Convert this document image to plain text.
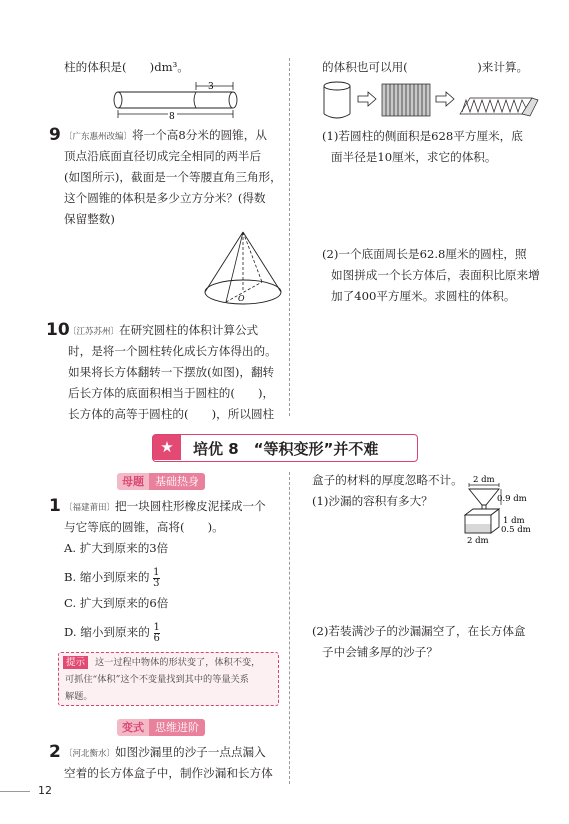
柱的体积是(　　)dm³。
3
8
9 〔广东惠州改编〕将一个高8分米的圆锥，从
顶点沿底面直径切成完全相同的两半后
(如图所示)，截面是一个等腰直角三角形，
这个圆锥的体积是多少立方分米？(得数
保留整数)
O
10
〔江苏苏州〕在研究圆柱的体积计算公式
时，是将一个圆柱转化成长方体得出的。
如果将长方体翻转一下摆放(如图)，翻转
后长方体的底面积相当于圆柱的(　　)，
长方体的高等于圆柱的(　　)，所以圆柱
的体积也可以用(　　　　　　)来计算。
(1)若圆柱的侧面积是628平方厘米，底
面半径是10厘米，求它的体积。
(2)一个底面周长是62.8厘米的圆柱，照
如图拼成一个长方体后，表面积比原来增
加了400平方厘米。求圆柱的体积。
★	培优 8　“等积变形”并不难
母题 基础热身
1 〔福建莆田〕把一块圆柱形橡皮泥揉成一个
与它等底的圆锥，高将(　　)。
A. 扩大到原来的3倍
B. 缩小到原来的 $\frac{1}{3}$
C. 扩大到原来的6倍
D. 缩小到原来的 $\frac{1}{6}$
提示	这一过程中物体的形状变了，体积不变，
可抓住“体积”这个不变量找到其中的等量关系
解题。
变式 思维进阶
2 〔河北衡水〕如图沙漏里的沙子一点点漏入
空着的长方体盒子中，制作沙漏和长方体
盒子的材料的厚度忽略不计。
(1)沙漏的容积有多大？
2 dm
0.9 dm
1 dm
0.5 dm
2 dm
(2)若装满沙子的沙漏漏空了，在长方体盒
子中会铺多厚的沙子？
12
